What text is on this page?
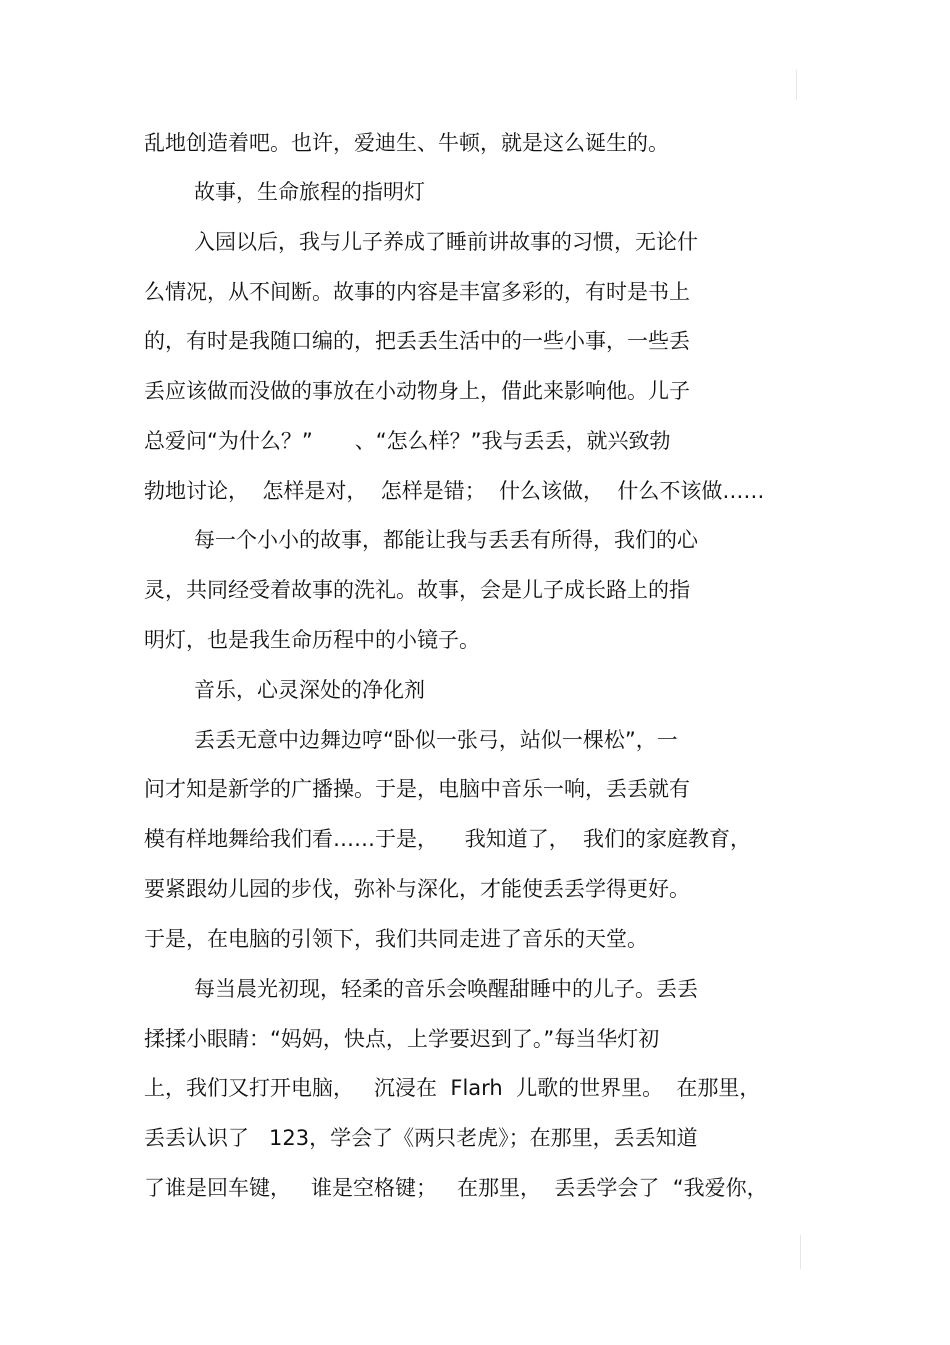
乱地创造着吧。也许，爱迪生、牛顿，就是这么诞生的。
故事，生命旅程的指明灯
入园以后，我与儿子养成了睡前讲故事的习惯，无论什
么情况，从不间断。故事的内容是丰富多彩的，有时是书上
的，有时是我随口编的，把丢丢生活中的一些小事，一些丢
丢应该做而没做的事放在小动物身上，借此来影响他。儿子
总爱问“为什么？”　　、“怎么样？”我与丢丢，就兴致勃
勃地讨论，  怎样是对，  怎样是错；  什么该做，  什么不该做……
每一个小小的故事，都能让我与丢丢有所得，我们的心
灵，共同经受着故事的洗礼。故事，会是儿子成长路上的指
明灯，也是我生命历程中的小镜子。
音乐，心灵深处的净化剂
丢丢无意中边舞边哼“卧似一张弓，站似一棵松”，一
问才知是新学的广播操。于是，电脑中音乐一响，丢丢就有
模有样地舞给我们看……于是，    我知道了，  我们的家庭教育，
要紧跟幼儿园的步伐，弥补与深化，才能使丢丢学得更好。
于是，在电脑的引领下，我们共同走进了音乐的天堂。
每当晨光初现，轻柔的音乐会唤醒甜睡中的儿子。丢丢
揉揉小眼睛：“妈妈，快点，上学要迟到了。”每当华灯初
上，我们又打开电脑，   沉浸在  Flarh  儿歌的世界里。  在那里，
丢丢认识了   123，学会了《两只老虎》；在那里，丢丢知道
了谁是回车键，   谁是空格键；   在那里，  丢丢学会了  “我爱你，
